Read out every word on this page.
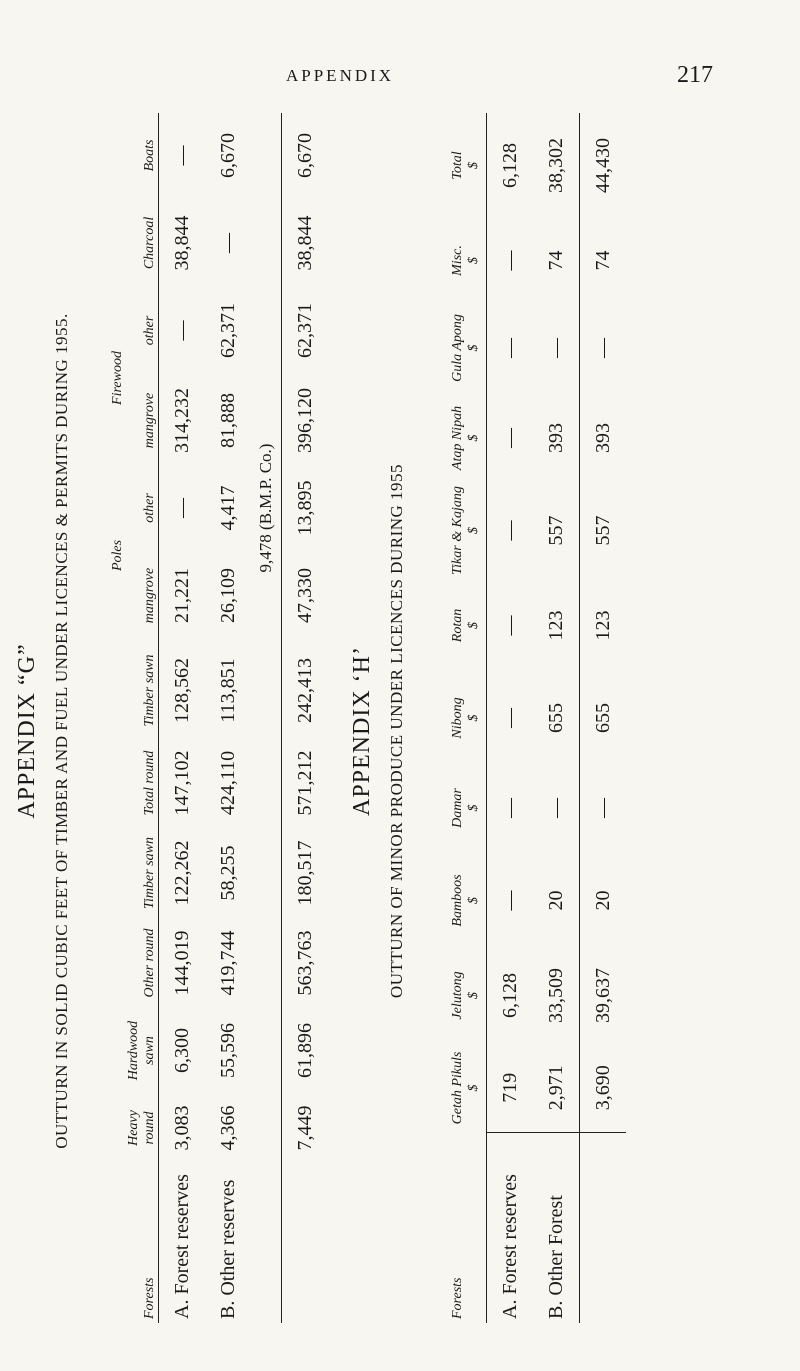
APPENDIX	217
APPENDIX “G” OUTTURN IN SOLID CUBIC FEET OF TIMBER AND FUEL UNDER LICENCES & PERMITS DURING 1955.
								Poles		Firewood			
Forests	Heavy round	Hardwood sawn	Other round	Timber sawn	Total round	Timber sawn	mangrove	other	mangrove	other	Charcoal	Boats
A. Forest reserves	3,083	6,300	144,019	122,262	147,102	128,562	21,221	—	314,232	—	38,844	—
B. Other reserves	4,366	55,596	419,744	58,255	424,110	113,851	26,109	4,417	81,888	62,371	—	6,670
							9,478 (B.M.P. Co.)					
	7,449	61,896	563,763	180,517	571,212	242,413	47,330	13,895	396,120	62,371	38,844	6,670
APPENDIX ‘H’ OUTTURN OF MINOR PRODUCE UNDER LICENCES DURING 1955
Forests	Getah Pikuls	Jelutong	Bamboos	Damar	Nibong	Rotan	Tikar & Kajang	Atap Nipah	Gula Apong	Misc.	Total
	$	$	$	$	$	$	$	$	$	$	$
A. Forest reserves	719	6,128	—	—	—	—	—	—	—	—	6,128
B. Other Forest	2,971	33,509	20	—	655	123	557	393	—	74	38,302
	3,690	39,637	20	—	655	123	557	393	—	74	44,430
